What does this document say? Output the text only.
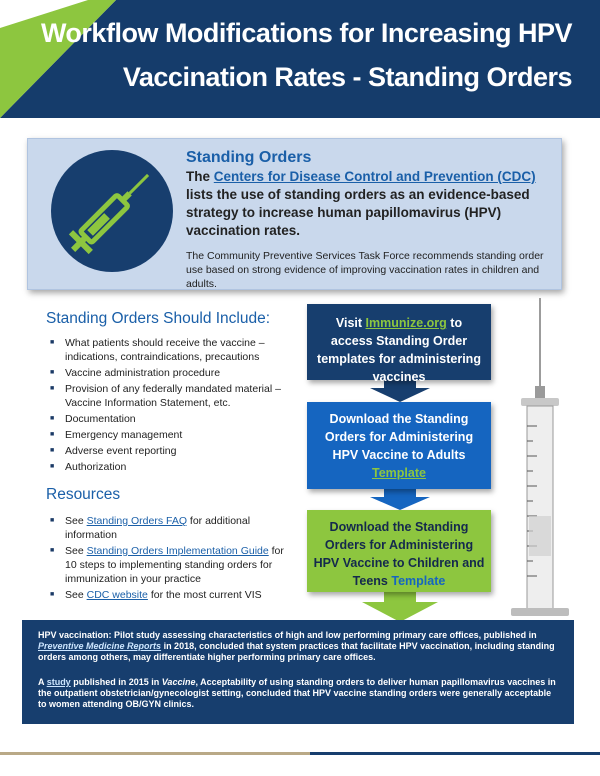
Workflow Modifications for Increasing HPV
Vaccination Rates - Standing Orders
Standing Orders
The Centers for Disease Control and Prevention (CDC) lists the use of standing orders as an evidence-based strategy to increase human papillomavirus (HPV) vaccination rates.
The Community Preventive Services Task Force recommends standing order use based on strong evidence of improving vaccination rates in children and adults.
Standing Orders Should Include:
■ What patients should receive the vaccine – indications, contraindications, precautions
■ Vaccine administration procedure
■ Provision of any federally mandated material – Vaccine Information Statement, etc.
■ Documentation
■ Emergency management
■ Adverse event reporting
■ Authorization
Resources
■ See Standing Orders FAQ for additional information
■ See Standing Orders Implementation Guide for 10 steps to implementing standing orders for immunization in your practice
■ See CDC website for the most current VIS
Visit Immunize.org to access Standing Order templates for administering vaccines
Download the Standing Orders for Administering HPV Vaccine to Adults
Template
Download the Standing Orders for Administering HPV Vaccine to Children and Teens Template
HPV vaccination: Pilot study assessing characteristics of high and low performing primary care offices, published in Preventive Medicine Reports in 2018, concluded that system practices that facilitate HPV vaccination, including standing orders among others, may differentiate higher performing primary care offices.
A study published in 2015 in Vaccine, Acceptability of using standing orders to deliver human papillomavirus vaccines in the outpatient obstetrician/gynecologist setting, concluded that HPV vaccine standing orders were generally acceptable to women attending OB/GYN clinics.
